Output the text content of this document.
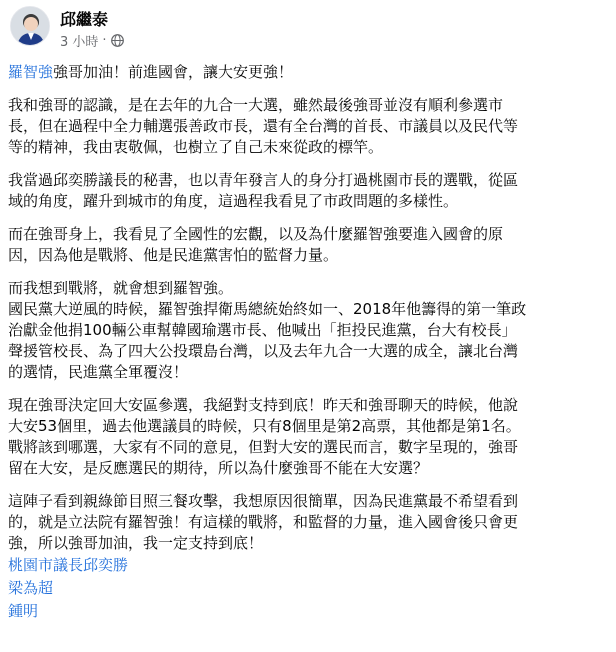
邱繼泰
3 小時 ·

羅智強強哥加油！前進國會，讓大安更強！

我和強哥的認識，是在去年的九合一大選，雖然最後強哥並沒有順利參選市
長，但在過程中全力輔選張善政市長，還有全台灣的首長、市議員以及民代等
等的精神，我由衷敬佩，也樹立了自己未來從政的標竿。

我當過邱奕勝議長的秘書，也以青年發言人的身分打過桃園市長的選戰，從區
域的角度，躍升到城市的角度，這過程我看見了市政問題的多樣性。

而在強哥身上，我看見了全國性的宏觀，以及為什麼羅智強要進入國會的原
因，因為他是戰將、他是民進黨害怕的監督力量。

而我想到戰將，就會想到羅智強。
國民黨大逆風的時候，羅智強捍衛馬總統始終如一、2018年他籌得的第一筆政
治獻金他捐100輛公車幫韓國瑜選市長、他喊出「拒投民進黨，台大有校長」
聲援管校長、為了四大公投環島台灣，以及去年九合一大選的成全，讓北台灣
的選情，民進黨全軍覆沒！

現在強哥決定回大安區參選，我絕對支持到底！昨天和強哥聊天的時候，他說
大安53個里，過去他選議員的時候，只有8個里是第2高票，其他都是第1名。
戰將該到哪選，大家有不同的意見，但對大安的選民而言，數字呈現的，強哥
留在大安，是反應選民的期待，所以為什麼強哥不能在大安選？

這陣子看到親綠節目照三餐攻擊，我想原因很簡單，因為民進黨最不希望看到
的，就是立法院有羅智強！有這樣的戰將，和監督的力量，進入國會後只會更
強，所以強哥加油，我一定支持到底！

桃園市議長邱奕勝
梁為超
鍾明
